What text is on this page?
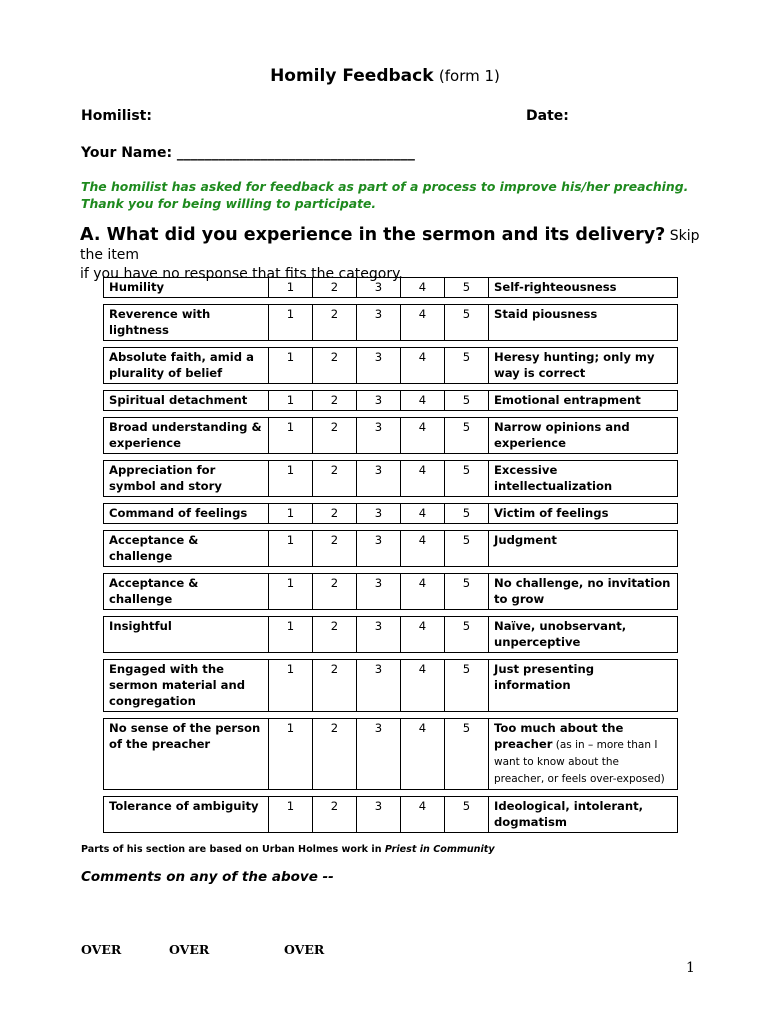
Homily Feedback (form 1)
Homilist:	Date:
Your Name: __________________________________
The homilist has asked for feedback as part of a process to improve his/her preaching.
Thank you for being willing to participate.
A. What did you experience in the sermon and its delivery? Skip the item
if you have no response that fits the category.
Humility	1	2	3	4	5	Self-righteousness

Reverence with lightness	1	2	3	4	5	Staid piousness

Absolute faith, amid a plurality of belief	1	2	3	4	5	Heresy hunting; only my way is correct

Spiritual detachment	1	2	3	4	5	Emotional entrapment

Broad understanding & experience	1	2	3	4	5	Narrow opinions and experience

Appreciation for symbol and story	1	2	3	4	5	Excessive intellectualization

Command of feelings	1	2	3	4	5	Victim of feelings

Acceptance & challenge	1	2	3	4	5	Judgment

Acceptance & challenge	1	2	3	4	5	No challenge, no invitation to grow

Insightful	1	2	3	4	5	Naïve, unobservant, unperceptive

Engaged with the sermon material and congregation	1	2	3	4	5	Just presenting information

No sense of the person of the preacher	1	2	3	4	5	Too much about the preacher (as in – more than I want to know about the preacher, or feels over-exposed)

Tolerance of ambiguity	1	2	3	4	5	Ideological, intolerant, dogmatism
Parts of his section are based on Urban Holmes work in Priest in Community
Comments on any of the above --
OVER	OVER	OVER
1
